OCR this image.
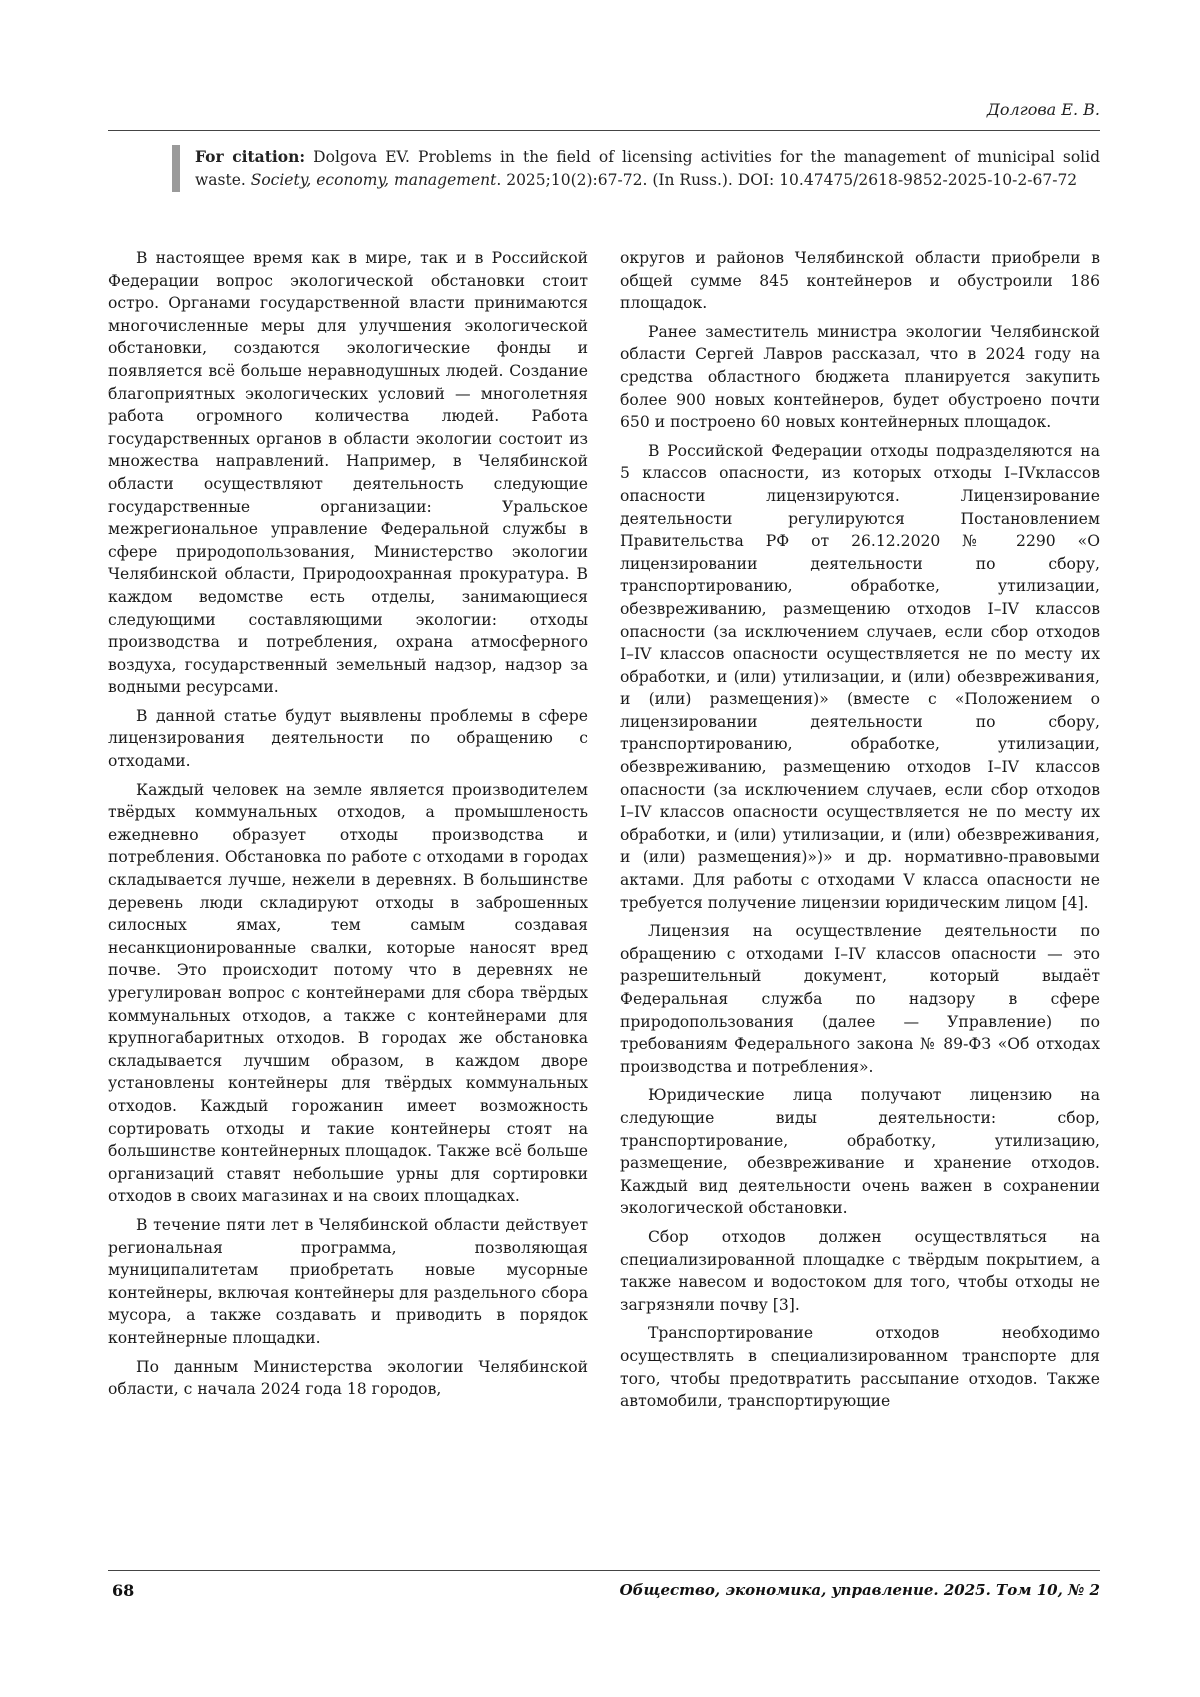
Долгова Е. В.
For citation: Dolgova EV. Problems in the field of licensing activities for the management of municipal solid waste. Society, economy, management. 2025;10(2):67-72. (In Russ.). DOI: 10.47475/2618-9852-2025-10-2-67-72

В настоящее время как в мире, так и в Российской Федерации вопрос экологической обстановки стоит остро. Органами государственной власти принимаются многочисленные меры для улучшения экологической обстановки, создаются экологические фонды и появляется всё больше неравнодушных людей. Создание благоприятных экологических условий — многолетняя работа огромного количества людей. Работа государственных органов в области экологии состоит из множества направлений. Например, в Челябинской области осуществляют деятельность следующие государственные организации: Уральское межрегиональное управление Федеральной службы в сфере природопользования, Министерство экологии Челябинской области, Природоохранная прокуратура. В каждом ведомстве есть отделы, занимающиеся следующими составляющими экологии: отходы производства и потребления, охрана атмосферного воздуха, государственный земельный надзор, надзор за водными ресурсами.

В данной статье будут выявлены проблемы в сфере лицензирования деятельности по обращению с отходами.

Каждый человек на земле является производителем твёрдых коммунальных отходов, а промышленость ежедневно образует отходы производства и потребления. Обстановка по работе с отходами в городах складывается лучше, нежели в деревнях. В большинстве деревень люди складируют отходы в заброшенных силосных ямах, тем самым создавая несанкционированные свалки, которые наносят вред почве. Это происходит потому что в деревнях не урегулирован вопрос с контейнерами для сбора твёрдых коммунальных отходов, а также с контейнерами для крупногабаритных отходов. В городах же обстановка складывается лучшим образом, в каждом дворе установлены контейнеры для твёрдых коммунальных отходов. Каждый горожанин имеет возможность сортировать отходы и такие контейнеры стоят на большинстве контейнерных площадок. Также всё больше организаций ставят небольшие урны для сортировки отходов в своих магазинах и на своих площадках.

В течение пяти лет в Челябинской области действует региональная программа, позволяющая муниципалитетам приобретать новые мусорные контейнеры, включая контейнеры для раздельного сбора мусора, а также создавать и приводить в порядок контейнерные площадки.

По данным Министерства экологии Челябинской области, с начала 2024 года 18 городов,

округов и районов Челябинской области приобрели в общей сумме 845 контейнеров и обустроили 186 площадок.

Ранее заместитель министра экологии Челябинской области Сергей Лавров рассказал, что в 2024 году на средства областного бюджета планируется закупить более 900 новых контейнеров, будет обустроено почти 650 и построено 60 новых контейнерных площадок.

В Российской Федерации отходы подразделяются на 5 классов опасности, из которых отходы I–IVклассов опасности лицензируются. Лицензирование деятельности регулируются Постановлением Правительства РФ от 26.12.2020 № 2290 «О лицензировании деятельности по сбору, транспортированию, обработке, утилизации, обезвреживанию, размещению отходов I–IV классов опасности (за исключением случаев, если сбор отходов I–IV классов опасности осуществляется не по месту их обработки, и (или) утилизации, и (или) обезвреживания, и (или) размещения)» (вместе с «Положением о лицензировании деятельности по сбору, транспортированию, обработке, утилизации, обезвреживанию, размещению отходов I–IV классов опасности (за исключением случаев, если сбор отходов I–IV классов опасности осуществляется не по месту их обработки, и (или) утилизации, и (или) обезвреживания, и (или) размещения)»)» и др. нормативно-правовыми актами. Для работы с отходами V класса опасности не требуется получение лицензии юридическим лицом [4].

Лицензия на осуществление деятельности по обращению с отходами I–IV классов опасности — это разрешительный документ, который выдаёт Федеральная служба по надзору в сфере природопользования (далее — Управление) по требованиям Федерального закона № 89-ФЗ «Об отходах производства и потребления».

Юридические лица получают лицензию на следующие виды деятельности: сбор, транспортирование, обработку, утилизацию, размещение, обезвреживание и хранение отходов. Каждый вид деятельности очень важен в сохранении экологической обстановки.

Сбор отходов должен осуществляться на специализированной площадке с твёрдым покрытием, а также навесом и водостоком для того, чтобы отходы не загрязняли почву [3].

Транспортирование отходов необходимо осуществлять в специализированном транспорте для того, чтобы предотвратить рассыпание отходов. Также автомобили, транспортирующие

68	Общество, экономика, управление. 2025. Том 10, № 2
